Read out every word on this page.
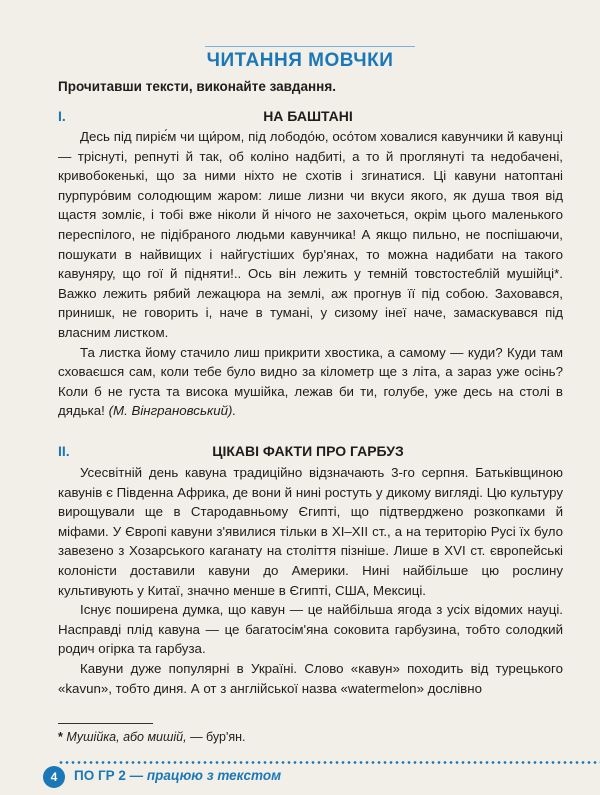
ЧИТАННЯ МОВЧКИ
Прочитавши тексти, виконайте завдання.
I.	НА БАШТАНІ

Десь під пиріє́м чи щи́ром, під лободо́ю, осо́том ховалися кавунчики й кавунці — тріснуті, репнуті й так, об коліно надбиті, а то й проглянуті та недобачені, кривобокенькі, що за ними ніхто не схотів і згинатися. Ці кавуни натоптані пурпуро́вим солодющим жаром: лише лизни чи вкуси якого, як душа твоя від щастя зомліє, і тобі вже ніколи й нічого не захочеться, окрім цього маленького переспілого, не підібраного людьми кавунчика! А якщо пильно, не поспішаючи, пошукати в найвищих і найгустіших бур'янах, то можна надибати на такого кавуняру, що гої й підняти!.. Ось він лежить у темній товстостеблій мушійці*. Важко лежить рябий лежацюра на землі, аж прогнув її під собою. Заховався, принишк, не говорить і, наче в тумані, у сизому інеї наче, замаскувався під власним листком.

Та листка йому стачило лиш прикрити хвостика, а самому — куди? Куди там сховаєшся сам, коли тебе було видно за кілометр ще з літа, а зараз уже осінь? Коли б не густа та висока мушійка, лежав би ти, голубе, уже десь на столі в дядька! (М. Вінграновський).

II.	ЦІКАВІ ФАКТИ ПРО ГАРБУЗ

Усесвітній день кавуна традиційно відзначають 3-го серпня. Батьківщиною кавунів є Південна Африка, де вони й нині ростуть у дикому вигляді. Цю культуру вирощували ще в Стародавньому Єгипті, що підтверджено розкопками й міфами. У Європі кавуни з'явилися тільки в XI–XII ст., а на територію Русі їх було завезено з Хозарського каганату на століття пізніше. Лише в XVI ст. європейські колоністи доставили кавуни до Америки. Нині найбільше цю рослину культивують у Китаї, значно менше в Єгипті, США, Мексиці.

Існує поширена думка, що кавун — це найбільша ягода з усіх відомих науці. Насправді плід кавуна — це багатосім'яна соковита гарбузина, тобто солодкий родич огірка та гарбуза.

Кавуни дуже популярні в Україні. Слово «кавун» походить від турецького «kavun», тобто диня. А от з англійської назва «watermelon» дослівно

* Мушійка, або мишій, — бур'ян.
4	ПО ГР 2 — працюю з текстом
